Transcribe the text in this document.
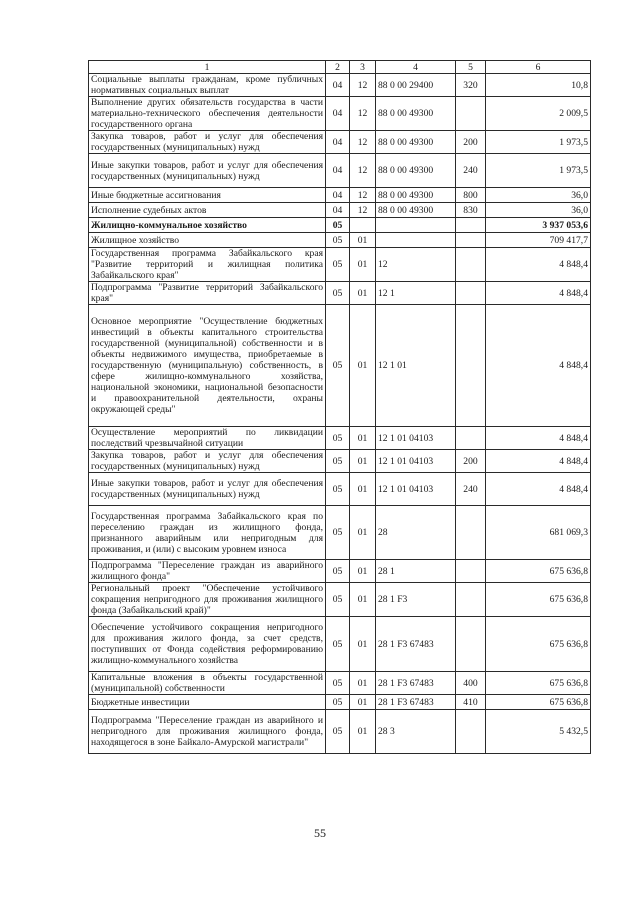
1	2	3	4	5	6
Социальные выплаты гражданам, кроме публичных нормативных социальных выплат	04	12	88 0 00 29400	320	10,8
Выполнение других обязательств государства в части материально-технического обеспечения деятельности государственного органа	04	12	88 0 00 49300		2 009,5
Закупка товаров, работ и услуг для обеспечения государственных (муниципальных) нужд	04	12	88 0 00 49300	200	1 973,5
Иные закупки товаров, работ и услуг для обеспечения государственных (муниципальных) нужд	04	12	88 0 00 49300	240	1 973,5
Иные бюджетные ассигнования	04	12	88 0 00 49300	800	36,0
Исполнение судебных актов	04	12	88 0 00 49300	830	36,0
Жилищно-коммунальное хозяйство	05				3 937 053,6
Жилищное хозяйство	05	01			709 417,7
Государственная программа Забайкальского края "Развитие территорий и жилищная политика Забайкальского края"	05	01	12		4 848,4
Подпрограмма "Развитие территорий Забайкальского края"	05	01	12 1		4 848,4
Основное мероприятие "Осуществление бюджетных инвестиций в объекты капитального строительства государственной (муниципальной) собственности и в объекты недвижимого имущества, приобретаемые в государственную (муниципальную) собственность, в сфере жилищно-коммунального хозяйства, национальной экономики, национальной безопасности и правоохранительной деятельности, охраны окружающей среды"	05	01	12 1 01		4 848,4
Осуществление мероприятий по ликвидации последствий чрезвычайной ситуации	05	01	12 1 01 04103		4 848,4
Закупка товаров, работ и услуг для обеспечения государственных (муниципальных) нужд	05	01	12 1 01 04103	200	4 848,4
Иные закупки товаров, работ и услуг для обеспечения государственных (муниципальных) нужд	05	01	12 1 01 04103	240	4 848,4
Государственная программа Забайкальского края по переселению граждан из жилищного фонда, признанного аварийным или непригодным для проживания, и (или) с высоким уровнем износа	05	01	28		681 069,3
Подпрограмма "Переселение граждан из аварийного жилищного фонда"	05	01	28 1		675 636,8
Региональный проект "Обеспечение устойчивого сокращения непригодного для проживания жилищного фонда (Забайкальский край)"	05	01	28 1 F3		675 636,8
Обеспечение устойчивого сокращения непригодного для проживания жилого фонда, за счет средств, поступивших от Фонда содействия реформированию жилищно-коммунального хозяйства	05	01	28 1 F3 67483		675 636,8
Капитальные вложения в объекты государственной (муниципальной) собственности	05	01	28 1 F3 67483	400	675 636,8
Бюджетные инвестиции	05	01	28 1 F3 67483	410	675 636,8
Подпрограмма "Переселение граждан из аварийного и непригодного для проживания жилищного фонда, находящегося в зоне Байкало-Амурской магистрали"	05	01	28 3		5 432,5
55
